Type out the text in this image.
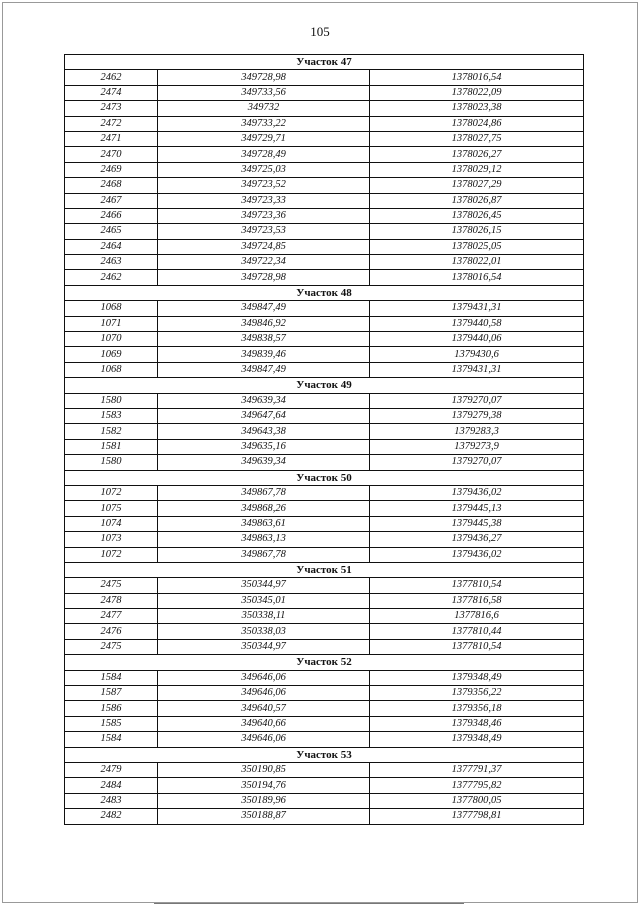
105
Участок 47		
2462	349728,98	1378016,54
2474	349733,56	1378022,09
2473	349732	1378023,38
2472	349733,22	1378024,86
2471	349729,71	1378027,75
2470	349728,49	1378026,27
2469	349725,03	1378029,12
2468	349723,52	1378027,29
2467	349723,33	1378026,87
2466	349723,36	1378026,45
2465	349723,53	1378026,15
2464	349724,85	1378025,05
2463	349722,34	1378022,01
2462	349728,98	1378016,54
Участок 48		
1068	349847,49	1379431,31
1071	349846,92	1379440,58
1070	349838,57	1379440,06
1069	349839,46	1379430,6
1068	349847,49	1379431,31
Участок 49		
1580	349639,34	1379270,07
1583	349647,64	1379279,38
1582	349643,38	1379283,3
1581	349635,16	1379273,9
1580	349639,34	1379270,07
Участок 50		
1072	349867,78	1379436,02
1075	349868,26	1379445,13
1074	349863,61	1379445,38
1073	349863,13	1379436,27
1072	349867,78	1379436,02
Участок 51		
2475	350344,97	1377810,54
2478	350345,01	1377816,58
2477	350338,11	1377816,6
2476	350338,03	1377810,44
2475	350344,97	1377810,54
Участок 52		
1584	349646,06	1379348,49
1587	349646,06	1379356,22
1586	349640,57	1379356,18
1585	349640,66	1379348,46
1584	349646,06	1379348,49
Участок 53		
2479	350190,85	1377791,37
2484	350194,76	1377795,82
2483	350189,96	1377800,05
2482	350188,87	1377798,81
